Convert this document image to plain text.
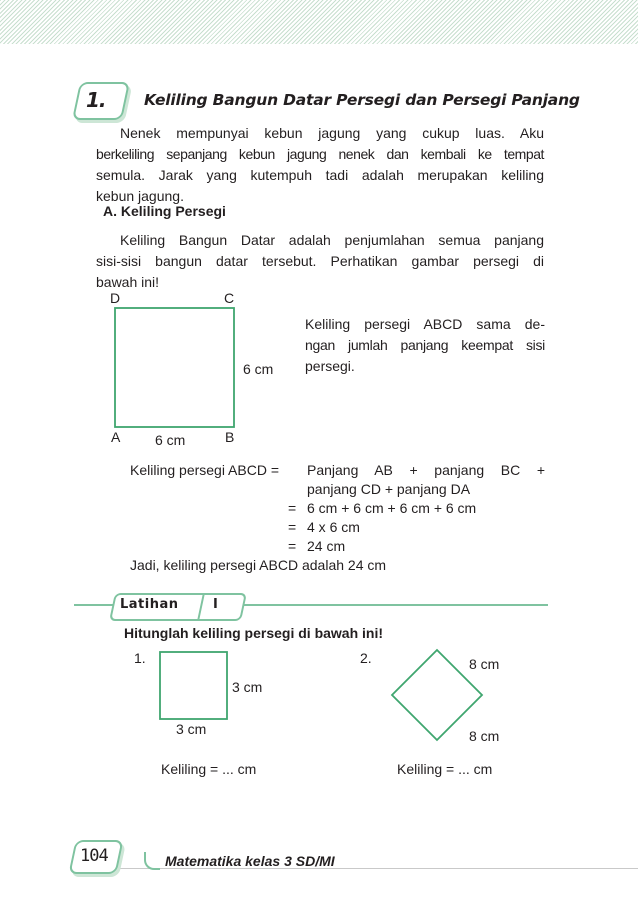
1.	Keliling Bangun Datar Persegi dan Persegi Panjang
Nenek mempunyai kebun jagung yang cukup luas. Aku
berkeliling sepanjang kebun jagung nenek dan kembali ke tempat
semula. Jarak yang kutempuh tadi adalah merupakan keliling
kebun jagung.
A. Keliling Persegi
Keliling Bangun Datar adalah penjumlahan semua panjang
sisi-sisi bangun datar tersebut. Perhatikan gambar persegi di
bawah ini!
D	C
A	B
6 cm
6 cm
Keliling persegi ABCD sama de-
ngan jumlah panjang keempat sisi
persegi.
Keliling persegi ABCD = Panjang AB + panjang BC +
panjang CD + panjang DA
= 6 cm + 6 cm + 6 cm + 6 cm
= 4 x 6 cm
= 24 cm
Jadi, keliling persegi ABCD adalah 24 cm
Latihan	I
Hitunglah keliling persegi di bawah ini!
1.
3 cm
3 cm
Keliling = ... cm
2.	8 cm
8 cm
Keliling = ... cm
104	Matematika kelas 3 SD/MI
